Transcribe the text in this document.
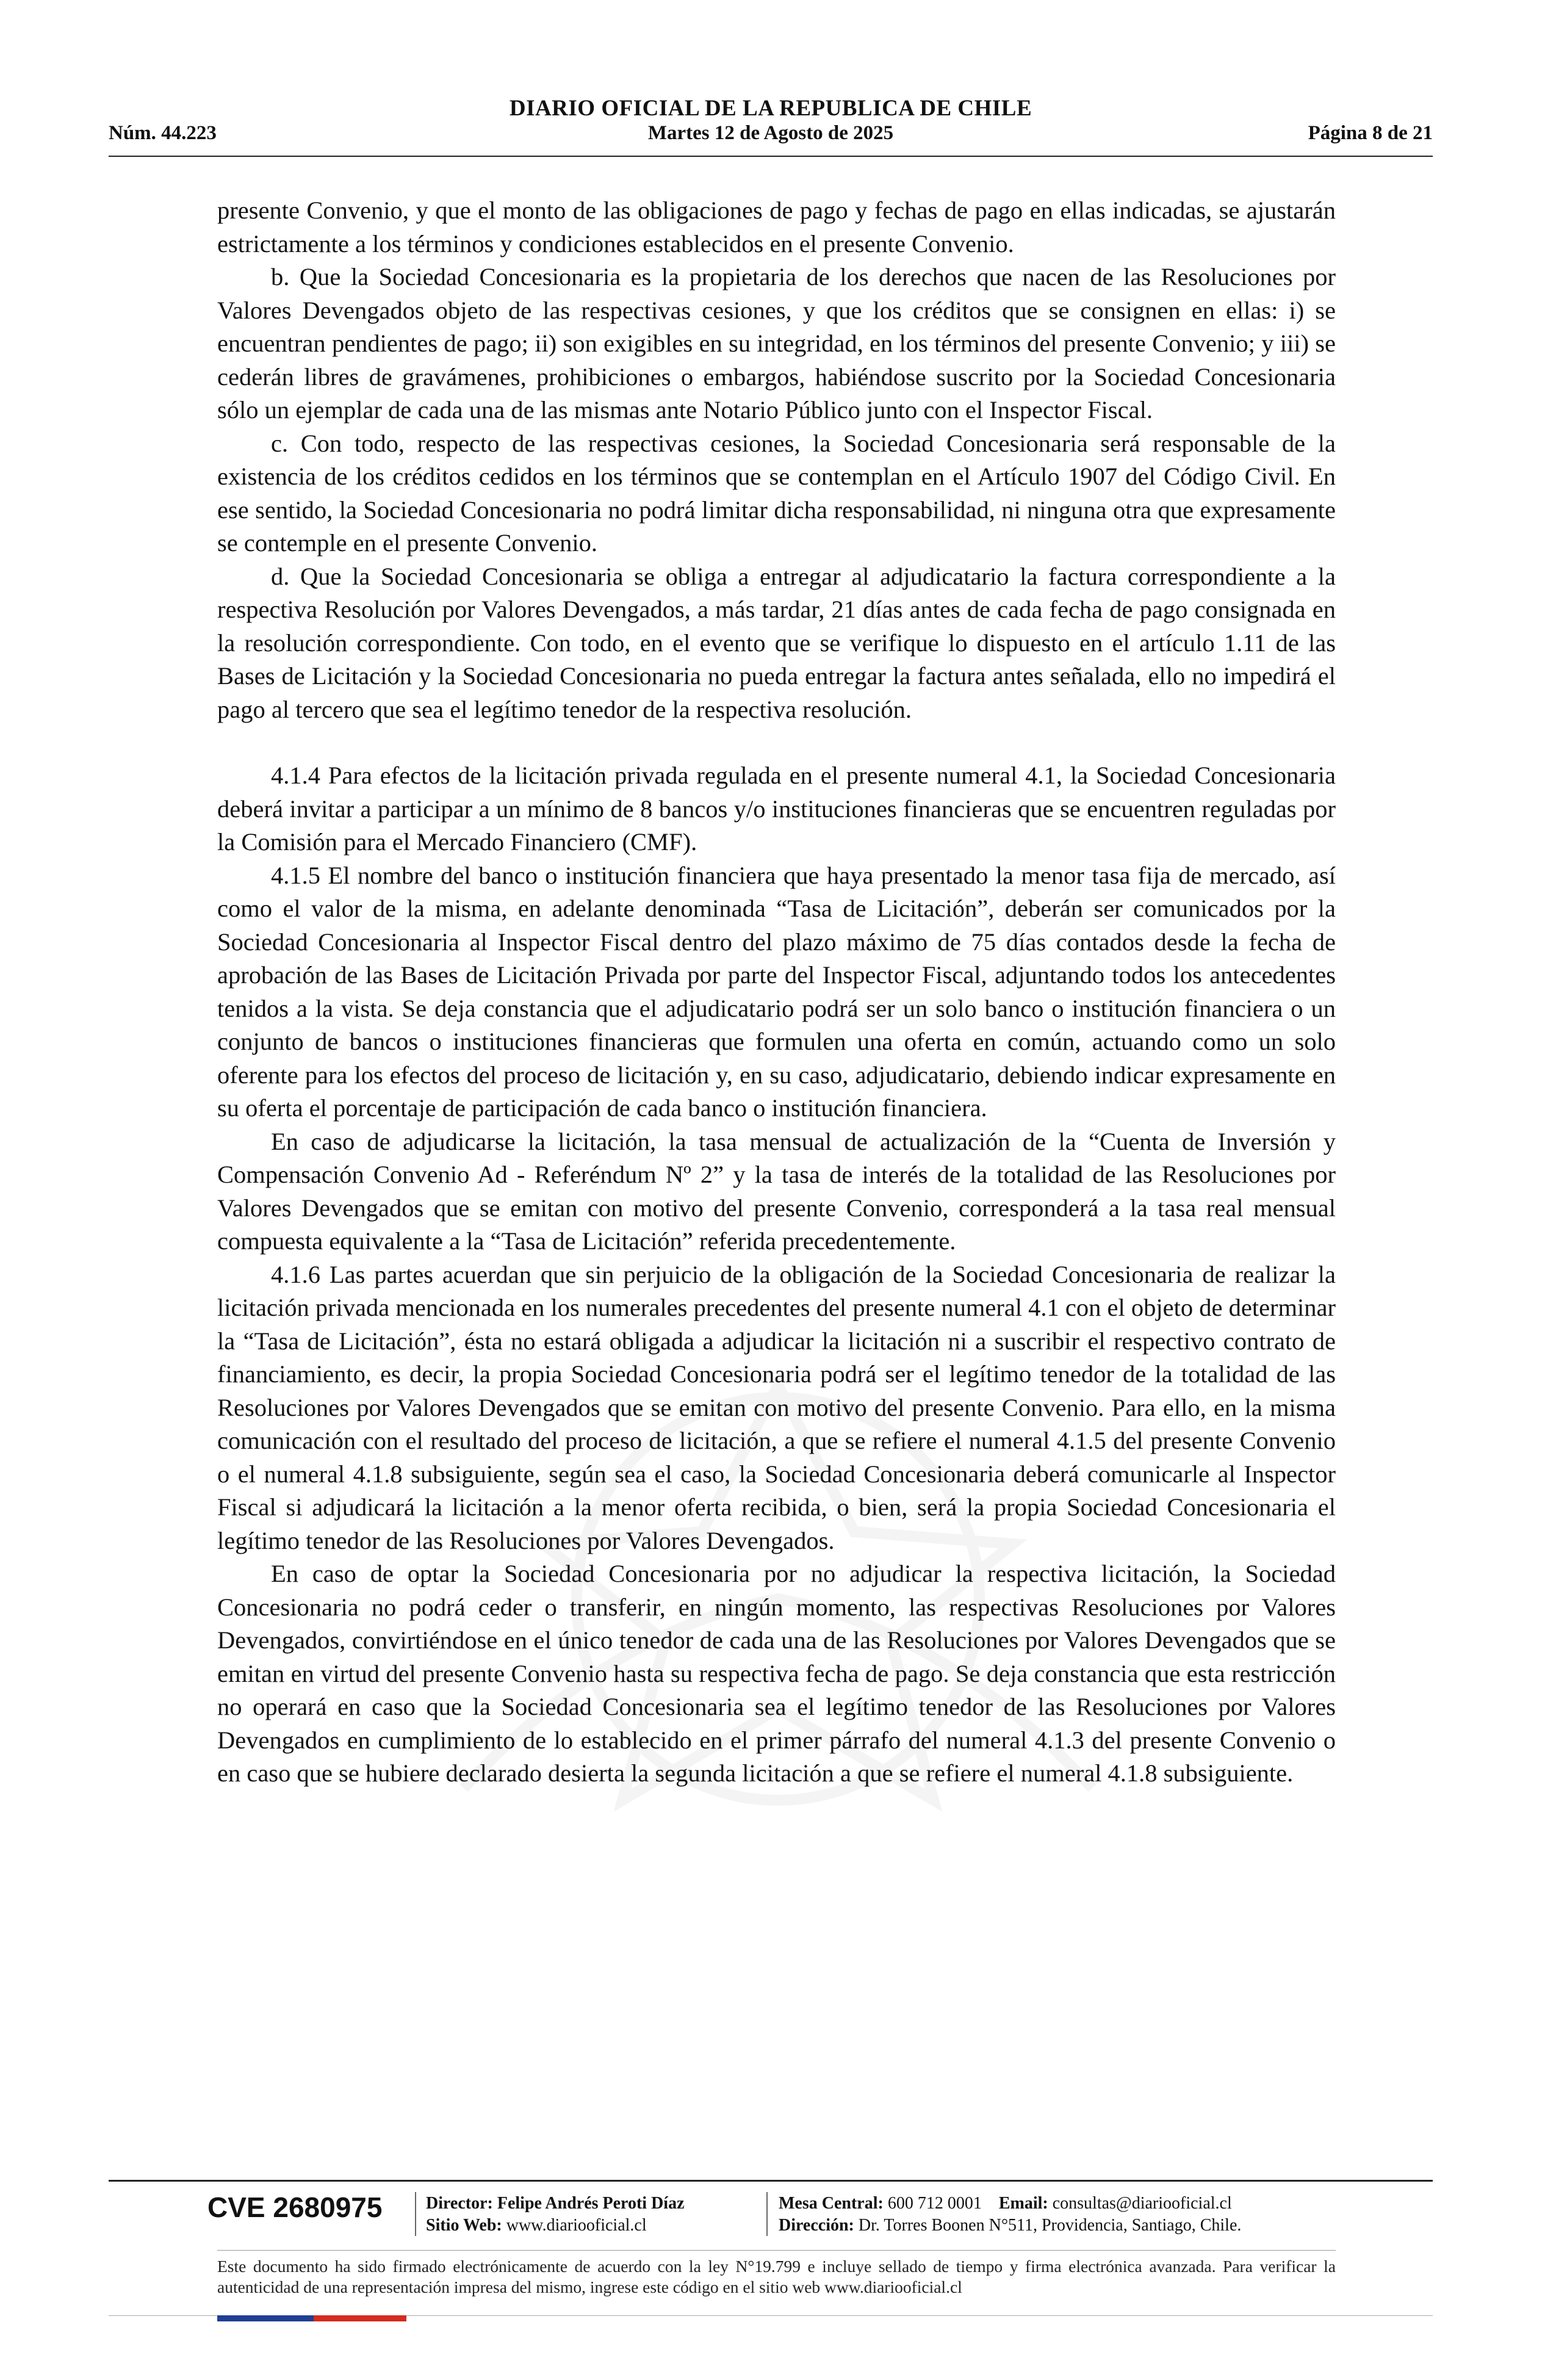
Núm. 44.223
DIARIO OFICIAL DE LA REPUBLICA DE CHILE
Martes 12 de Agosto de 2025	Página 8 de 21

presente Convenio, y que el monto de las obligaciones de pago y fechas de pago en ellas indicadas, se ajustarán estrictamente a los términos y condiciones establecidos en el presente Convenio.

b. Que la Sociedad Concesionaria es la propietaria de los derechos que nacen de las Resoluciones por Valores Devengados objeto de las respectivas cesiones, y que los créditos que se consignen en ellas: i) se encuentran pendientes de pago; ii) son exigibles en su integridad, en los términos del presente Convenio; y iii) se cederán libres de gravámenes, prohibiciones o embargos, habiéndose suscrito por la Sociedad Concesionaria sólo un ejemplar de cada una de las mismas ante Notario Público junto con el Inspector Fiscal.

c. Con todo, respecto de las respectivas cesiones, la Sociedad Concesionaria será responsable de la existencia de los créditos cedidos en los términos que se contemplan en el Artículo 1907 del Código Civil. En ese sentido, la Sociedad Concesionaria no podrá limitar dicha responsabilidad, ni ninguna otra que expresamente se contemple en el presente Convenio.

d. Que la Sociedad Concesionaria se obliga a entregar al adjudicatario la factura correspondiente a la respectiva Resolución por Valores Devengados, a más tardar, 21 días antes de cada fecha de pago consignada en la resolución correspondiente. Con todo, en el evento que se verifique lo dispuesto en el artículo 1.11 de las Bases de Licitación y la Sociedad Concesionaria no pueda entregar la factura antes señalada, ello no impedirá el pago al tercero que sea el legítimo tenedor de la respectiva resolución.

4.1.4 Para efectos de la licitación privada regulada en el presente numeral 4.1, la Sociedad Concesionaria deberá invitar a participar a un mínimo de 8 bancos y/o instituciones financieras que se encuentren reguladas por la Comisión para el Mercado Financiero (CMF).

4.1.5 El nombre del banco o institución financiera que haya presentado la menor tasa fija de mercado, así como el valor de la misma, en adelante denominada “Tasa de Licitación”, deberán ser comunicados por la Sociedad Concesionaria al Inspector Fiscal dentro del plazo máximo de 75 días contados desde la fecha de aprobación de las Bases de Licitación Privada por parte del Inspector Fiscal, adjuntando todos los antecedentes tenidos a la vista. Se deja constancia que el adjudicatario podrá ser un solo banco o institución financiera o un conjunto de bancos o instituciones financieras que formulen una oferta en común, actuando como un solo oferente para los efectos del proceso de licitación y, en su caso, adjudicatario, debiendo indicar expresamente en su oferta el porcentaje de participación de cada banco o institución financiera.

En caso de adjudicarse la licitación, la tasa mensual de actualización de la “Cuenta de Inversión y Compensación Convenio Ad - Referéndum Nº 2” y la tasa de interés de la totalidad de las Resoluciones por Valores Devengados que se emitan con motivo del presente Convenio, corresponderá a la tasa real mensual compuesta equivalente a la “Tasa de Licitación” referida precedentemente.

4.1.6 Las partes acuerdan que sin perjuicio de la obligación de la Sociedad Concesionaria de realizar la licitación privada mencionada en los numerales precedentes del presente numeral 4.1 con el objeto de determinar la “Tasa de Licitación”, ésta no estará obligada a adjudicar la licitación ni a suscribir el respectivo contrato de financiamiento, es decir, la propia Sociedad Concesionaria podrá ser el legítimo tenedor de la totalidad de las Resoluciones por Valores Devengados que se emitan con motivo del presente Convenio. Para ello, en la misma comunicación con el resultado del proceso de licitación, a que se refiere el numeral 4.1.5 del presente Convenio o el numeral 4.1.8 subsiguiente, según sea el caso, la Sociedad Concesionaria deberá comunicarle al Inspector Fiscal si adjudicará la licitación a la menor oferta recibida, o bien, será la propia Sociedad Concesionaria el legítimo tenedor de las Resoluciones por Valores Devengados.

En caso de optar la Sociedad Concesionaria por no adjudicar la respectiva licitación, la Sociedad Concesionaria no podrá ceder o transferir, en ningún momento, las respectivas Resoluciones por Valores Devengados, convirtiéndose en el único tenedor de cada una de las Resoluciones por Valores Devengados que se emitan en virtud del presente Convenio hasta su respectiva fecha de pago. Se deja constancia que esta restricción no operará en caso que la Sociedad Concesionaria sea el legítimo tenedor de las Resoluciones por Valores Devengados en cumplimiento de lo establecido en el primer párrafo del numeral 4.1.3 del presente Convenio o en caso que se hubiere declarado desierta la segunda licitación a que se refiere el numeral 4.1.8 subsiguiente.

CVE 2680975	Director: Felipe Andrés Peroti Díaz
Sitio Web: www.diariooficial.cl
Mesa Central: 600 712 0001 Email: consultas@diariooficial.cl
Dirección: Dr. Torres Boonen N°511, Providencia, Santiago, Chile.
Este documento ha sido firmado electrónicamente de acuerdo con la ley N°19.799 e incluye sellado de tiempo y firma electrónica avanzada. Para verificar la autenticidad de una representación impresa del mismo, ingrese este código en el sitio web www.diariooficial.cl
